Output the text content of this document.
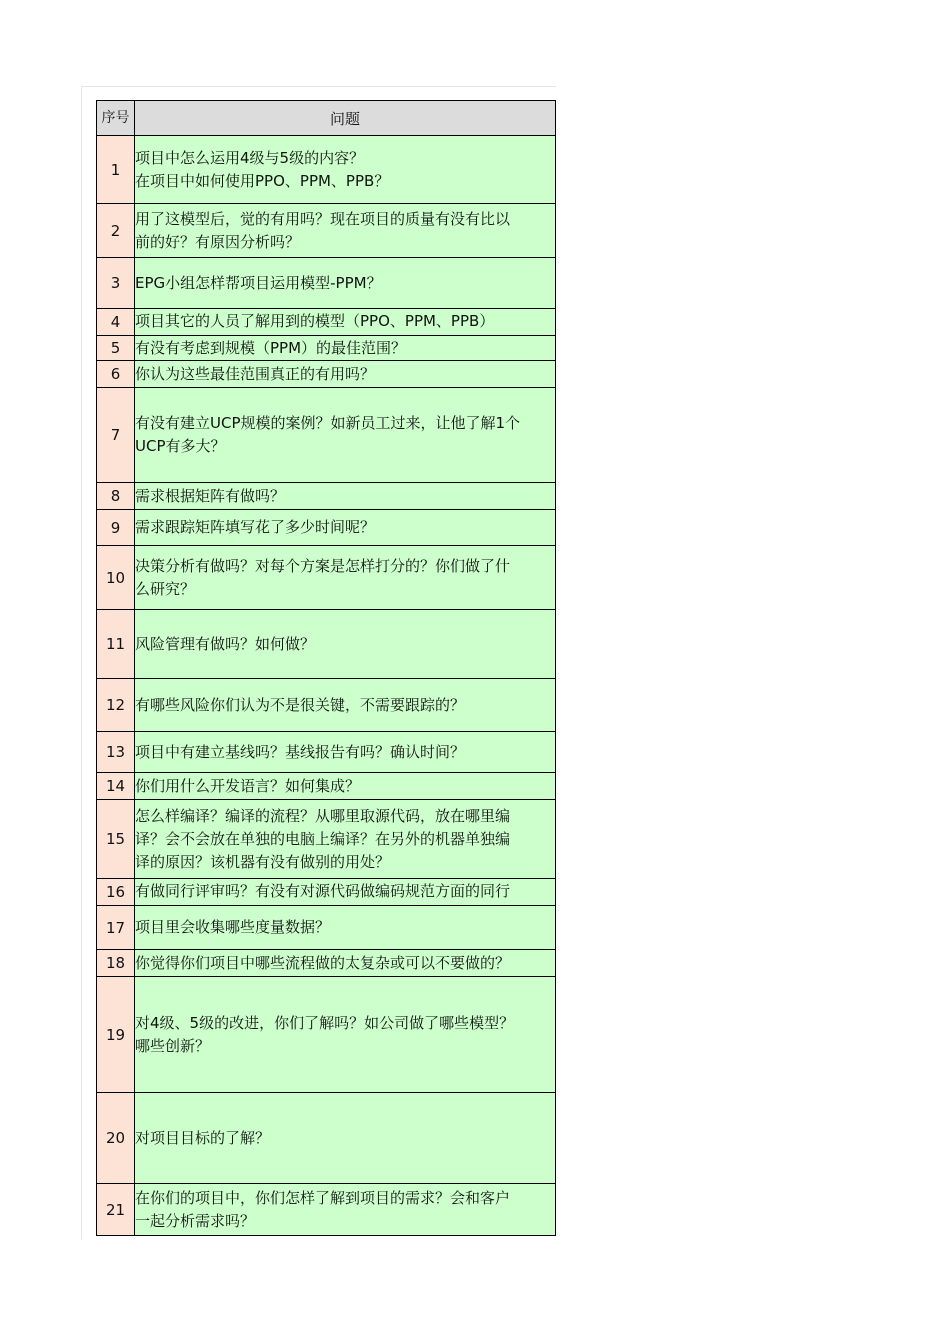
序号	问题
1	项目中怎么运用4级与5级的内容？
在项目中如何使用PPO、PPM、PPB？

2	用了这模型后，觉的有用吗？现在项目的质量有没有比以
前的好？有原因分析吗？

3	EPG小组怎样帮项目运用模型-PPM？

4	项目其它的人员了解用到的模型（PPO、PPM、PPB）

5	有没有考虑到规模（PPM）的最佳范围？

6	你认为这些最佳范围真正的有用吗？

7	有没有建立UCP规模的案例？如新员工过来，让他了解1个
UCP有多大？

8	需求根据矩阵有做吗？

9	需求跟踪矩阵填写花了多少时间呢？

10	决策分析有做吗？对每个方案是怎样打分的？你们做了什
么研究？

11	风险管理有做吗？如何做？

12	有哪些风险你们认为不是很关键，不需要跟踪的？

13	项目中有建立基线吗？基线报告有吗？确认时间？

14	你们用什么开发语言？如何集成？

15	怎么样编译？编译的流程？从哪里取源代码，放在哪里编
译？会不会放在单独的电脑上编译？在另外的机器单独编
译的原因？该机器有没有做别的用处？

16	有做同行评审吗？有没有对源代码做编码规范方面的同行

17	项目里会收集哪些度量数据？

18	你觉得你们项目中哪些流程做的太复杂或可以不要做的？

19	对4级、5级的改进，你们了解吗？如公司做了哪些模型？
哪些创新？

20	对项目目标的了解？

21	在你们的项目中，你们怎样了解到项目的需求？会和客户
一起分析需求吗？
